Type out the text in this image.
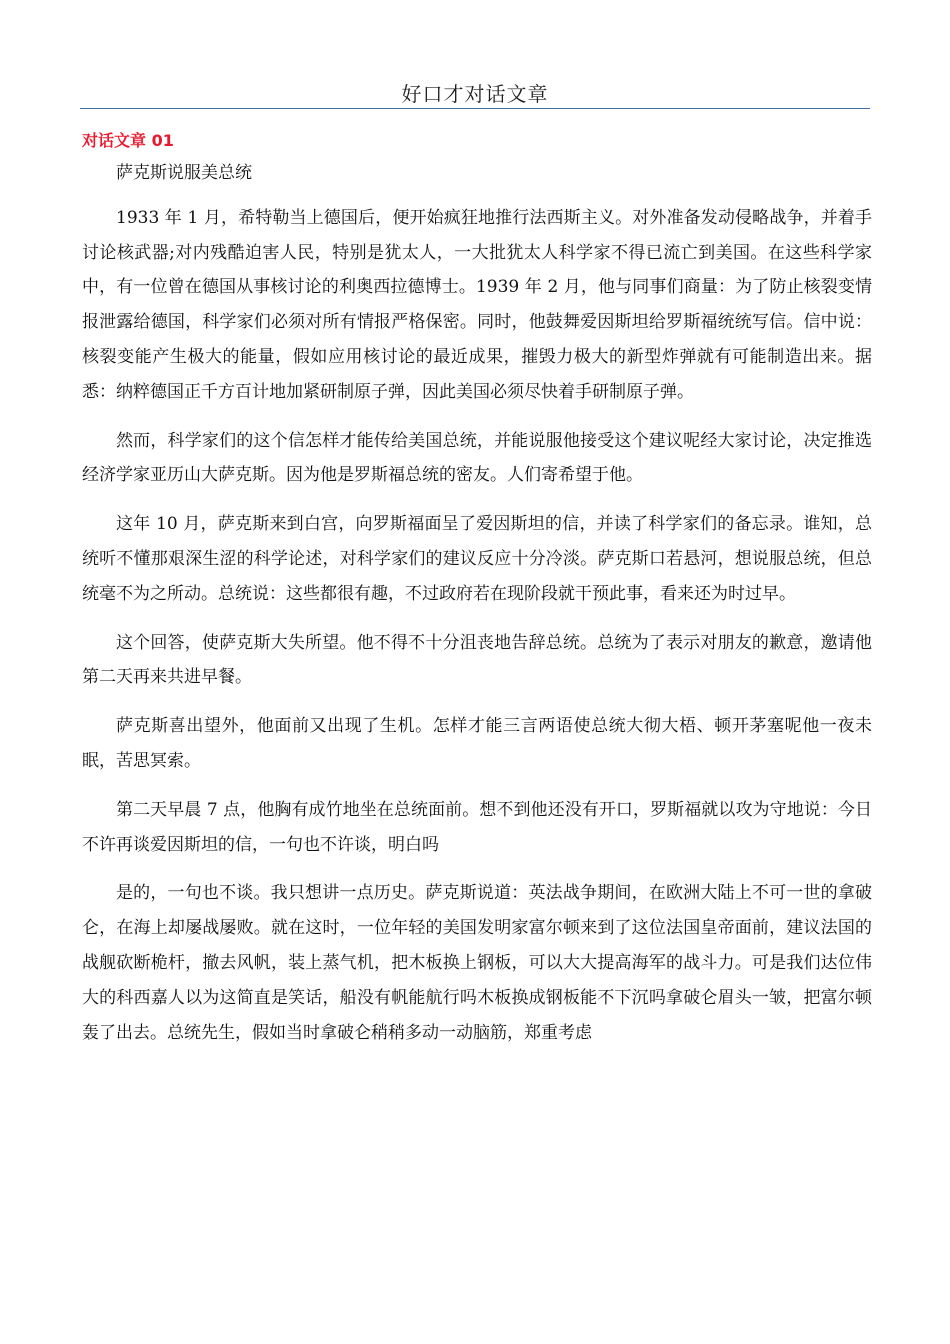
好口才对话文章
对话文章 01

萨克斯说服美总统

1933 年 1 月，希特勒当上德国后，便开始疯狂地推行法西斯主义。对外准备发动侵略战争，并着手讨论核武器;对内残酷迫害人民，特别是犹太人，一大批犹太人科学家不得已流亡到美国。在这些科学家中，有一位曾在德国从事核讨论的利奥西拉德博士。1939 年 2 月，他与同事们商量：为了防止核裂变情报泄露给德国，科学家们必须对所有情报严格保密。同时，他鼓舞爱因斯坦给罗斯福统统写信。信中说：核裂变能产生极大的能量，假如应用核讨论的最近成果，摧毁力极大的新型炸弹就有可能制造出来。据悉：纳粹德国正千方百计地加紧研制原子弹，因此美国必须尽快着手研制原子弹。

然而，科学家们的这个信怎样才能传给美国总统，并能说服他接受这个建议呢经大家讨论，决定推选经济学家亚历山大萨克斯。因为他是罗斯福总统的密友。人们寄希望于他。

这年 10 月，萨克斯来到白宫，向罗斯福面呈了爱因斯坦的信，并读了科学家们的备忘录。谁知，总统听不懂那艰深生涩的科学论述，对科学家们的建议反应十分冷淡。萨克斯口若悬河，想说服总统，但总统毫不为之所动。总统说：这些都很有趣，不过政府若在现阶段就干预此事，看来还为时过早。

这个回答，使萨克斯大失所望。他不得不十分沮丧地告辞总统。总统为了表示对朋友的歉意，邀请他第二天再来共进早餐。

萨克斯喜出望外，他面前又出现了生机。怎样才能三言两语使总统大彻大梧、顿开茅塞呢他一夜未眠，苦思冥索。

第二天早晨 7 点，他胸有成竹地坐在总统面前。想不到他还没有开口，罗斯福就以攻为守地说：今日不许再谈爱因斯坦的信，一句也不许谈，明白吗

是的，一句也不谈。我只想讲一点历史。萨克斯说道：英法战争期间，在欧洲大陆上不可一世的拿破仑，在海上却屡战屡败。就在这时，一位年轻的美国发明家富尔顿来到了这位法国皇帝面前，建议法国的战舰砍断桅杆，撤去风帆，装上蒸气机，把木板换上钢板，可以大大提高海军的战斗力。可是我们达位伟大的科西嘉人以为这简直是笑话，船没有帆能航行吗木板换成钢板能不下沉吗拿破仑眉头一皱，把富尔顿轰了出去。总统先生，假如当时拿破仑稍稍多动一动脑筋，郑重考虑
